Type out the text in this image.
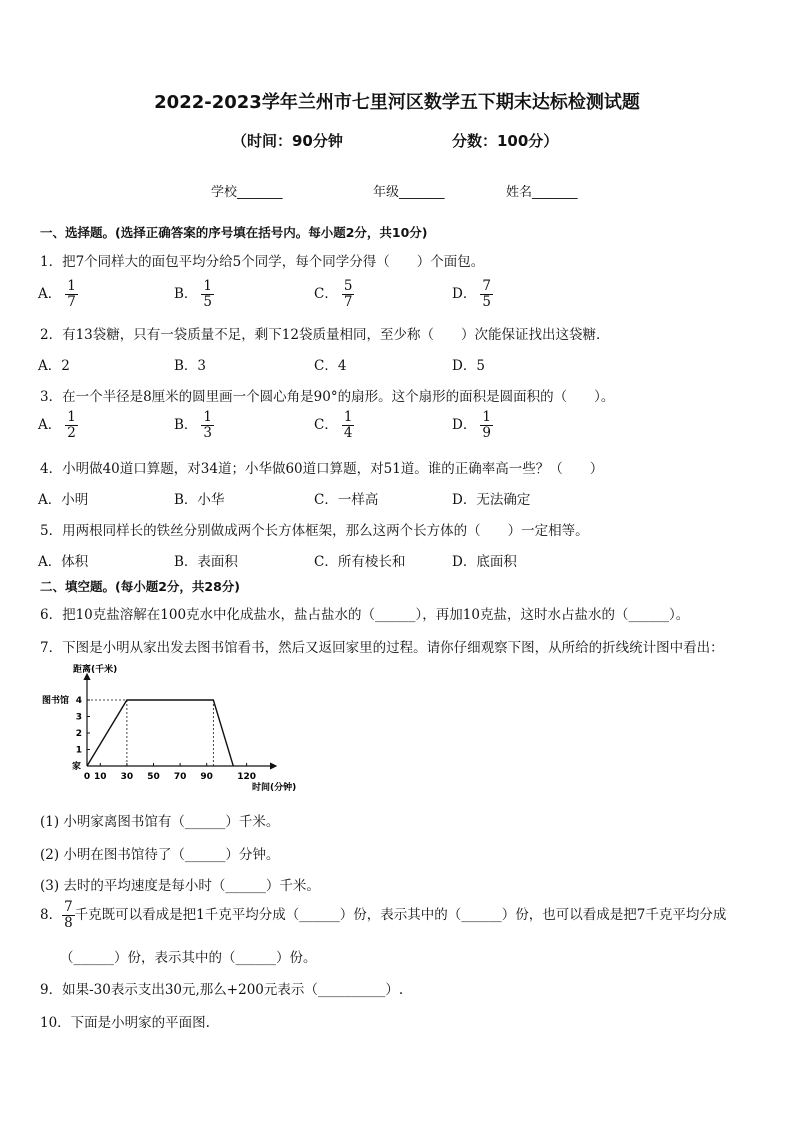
2022-2023学年兰州市七里河区数学五下期末达标检测试题
（时间：90分钟	分数：100分）
学校_______	年级_______	姓名_______
一、选择题。(选择正确答案的序号填在括号内。每小题2分，共10分)
1．把7个同样大的面包平均分给5个同学，每个同学分得（　　）个面包。
A． $\frac{1}{7}$	B． $\frac{1}{5}$	C． $\frac{5}{7}$	D． $\frac{7}{5}$
2．有13袋糖，只有一袋质量不足，剩下12袋质量相同，至少称（　　）次能保证找出这袋糖．
A．2	B．3	C．4	D．5
3．在一个半径是8厘米的圆里画一个圆心角是90°的扇形。这个扇形的面积是圆面积的（　　）。
A． $\frac{1}{2}$	B． $\frac{1}{3}$	C． $\frac{1}{4}$	D． $\frac{1}{9}$
4．小明做40道口算题，对34道；小华做60道口算题，对51道。谁的正确率高一些？（　　）
A．小明	B．小华	C．一样高	D．无法确定
5．用两根同样长的铁丝分别做成两个长方体框架，那么这两个长方体的（　　）一定相等。
A．体积	B．表面积	C．所有棱长和	D．底面积
二、填空题。(每小题2分，共28分)
6．把10克盐溶解在100克水中化成盐水，盐占盐水的（______），再加10克盐，这时水占盐水的（______）。
7．下图是小明从家出发去图书馆看书，然后又返回家里的过程。请你仔细观察下图，从所给的折线统计图中看出：
距离(千米)
时间(分钟)
0 10 30 50 70 90	120
1
2
3
4
图书馆
家
(1) 小明家离图书馆有（______）千米。
(2) 小明在图书馆待了（______）分钟。
(3) 去时的平均速度是每小时（______）千米。
8． $\frac{7}{8}$ 千克既可以看成是把1千克平均分成（______）份，表示其中的（______）份，也可以看成是把7千克平均分成
（______）份，表示其中的（______）份。
9．如果-30表示支出30元,那么+200元表示（__________）.
10．下面是小明家的平面图.
